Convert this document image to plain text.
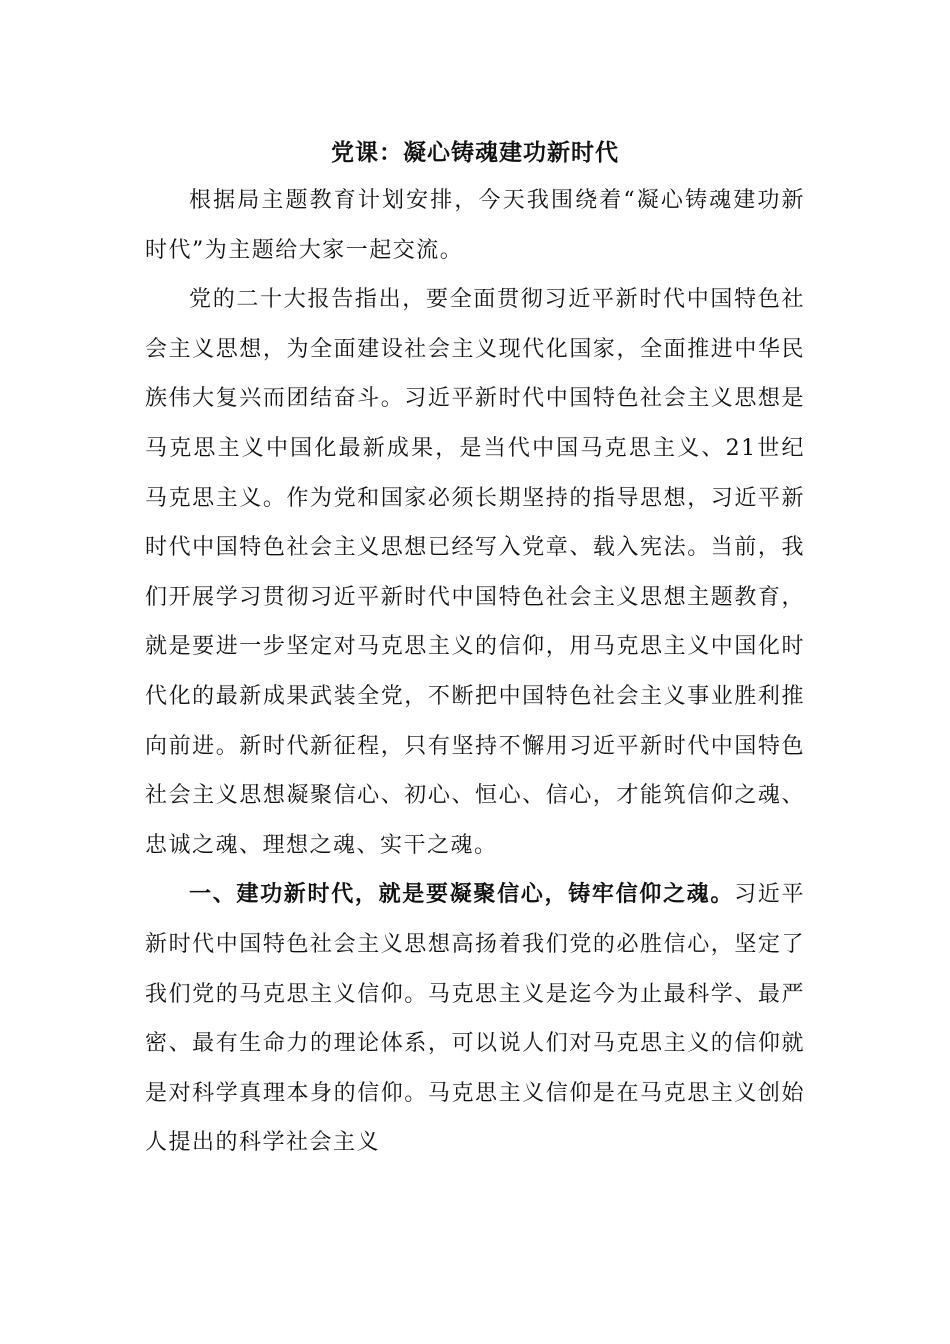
党课：凝心铸魂建功新时代

根据局主题教育计划安排，今天我围绕着“凝心铸魂建功新时代”为主题给大家一起交流。

党的二十大报告指出，要全面贯彻习近平新时代中国特色社会主义思想，为全面建设社会主义现代化国家，全面推进中华民族伟大复兴而团结奋斗。习近平新时代中国特色社会主义思想是马克思主义中国化最新成果，是当代中国马克思主义、21世纪马克思主义。作为党和国家必须长期坚持的指导思想，习近平新时代中国特色社会主义思想已经写入党章、载入宪法。当前，我们开展学习贯彻习近平新时代中国特色社会主义思想主题教育，就是要进一步坚定对马克思主义的信仰，用马克思主义中国化时代化的最新成果武装全党，不断把中国特色社会主义事业胜利推向前进。新时代新征程，只有坚持不懈用习近平新时代中国特色社会主义思想凝聚信心、初心、恒心、信心，才能筑信仰之魂、忠诚之魂、理想之魂、实干之魂。

一、建功新时代，就是要凝聚信心，铸牢信仰之魂。习近平新时代中国特色社会主义思想高扬着我们党的必胜信心，坚定了我们党的马克思主义信仰。马克思主义是迄今为止最科学、最严密、最有生命力的理论体系，可以说人们对马克思主义的信仰就是对科学真理本身的信仰。马克思主义信仰是在马克思主义创始人提出的科学社会主义
